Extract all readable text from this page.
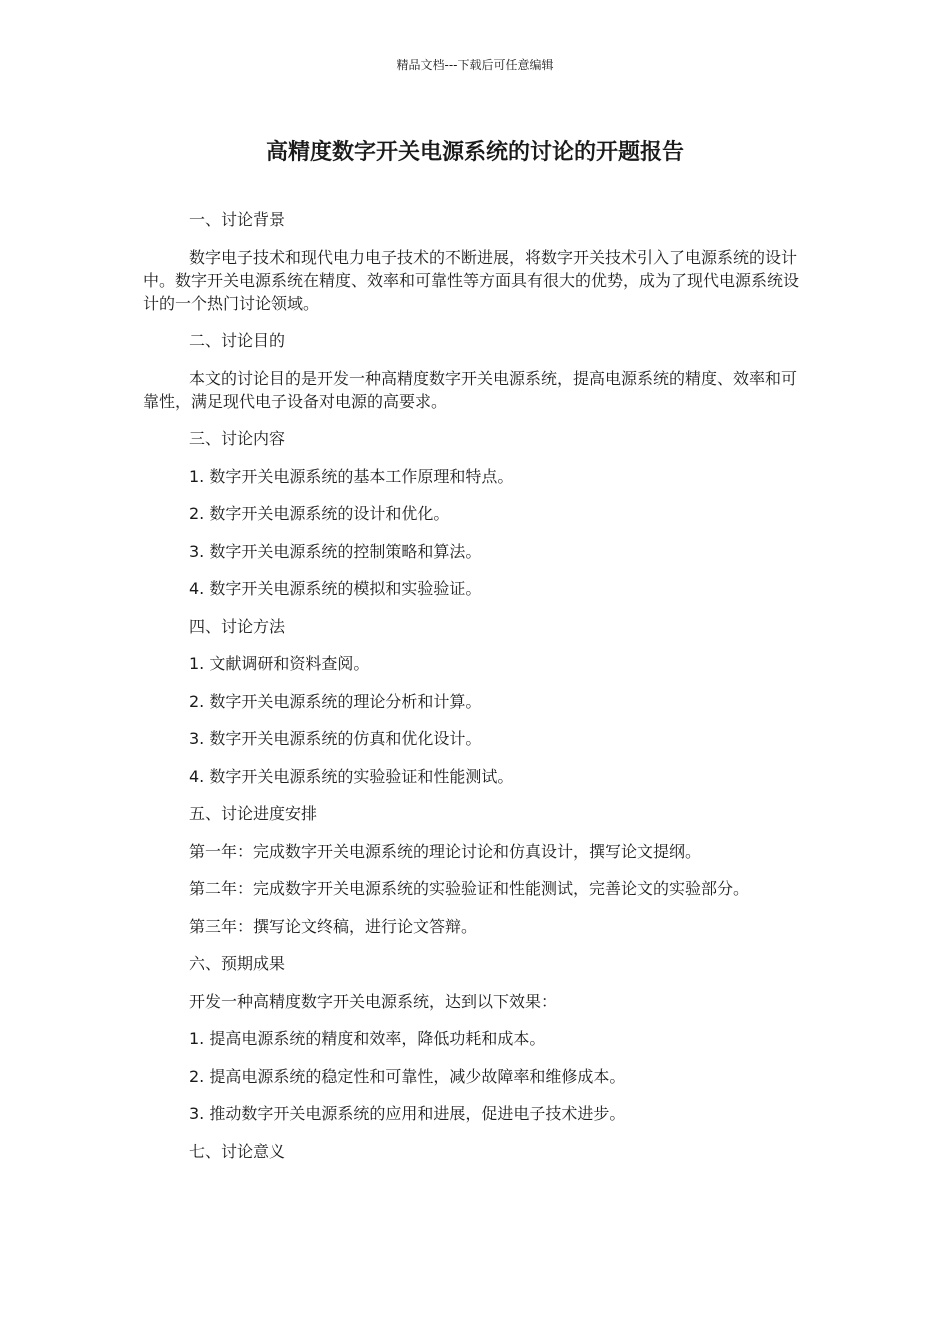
精品文档---下载后可任意编辑
高精度数字开关电源系统的讨论的开题报告

一、讨论背景

数字电子技术和现代电力电子技术的不断进展，将数字开关技术引入了电源系统的设计中。数字开关电源系统在精度、效率和可靠性等方面具有很大的优势，成为了现代电源系统设计的一个热门讨论领域。

二、讨论目的

本文的讨论目的是开发一种高精度数字开关电源系统，提高电源系统的精度、效率和可靠性，满足现代电子设备对电源的高要求。

三、讨论内容

1. 数字开关电源系统的基本工作原理和特点。

2. 数字开关电源系统的设计和优化。

3. 数字开关电源系统的控制策略和算法。

4. 数字开关电源系统的模拟和实验验证。

四、讨论方法

1. 文献调研和资料查阅。

2. 数字开关电源系统的理论分析和计算。

3. 数字开关电源系统的仿真和优化设计。

4. 数字开关电源系统的实验验证和性能测试。

五、讨论进度安排

第一年：完成数字开关电源系统的理论讨论和仿真设计，撰写论文提纲。

第二年：完成数字开关电源系统的实验验证和性能测试，完善论文的实验部分。

第三年：撰写论文终稿，进行论文答辩。

六、预期成果

开发一种高精度数字开关电源系统，达到以下效果：

1. 提高电源系统的精度和效率，降低功耗和成本。

2. 提高电源系统的稳定性和可靠性，减少故障率和维修成本。

3. 推动数字开关电源系统的应用和进展，促进电子技术进步。

七、讨论意义
